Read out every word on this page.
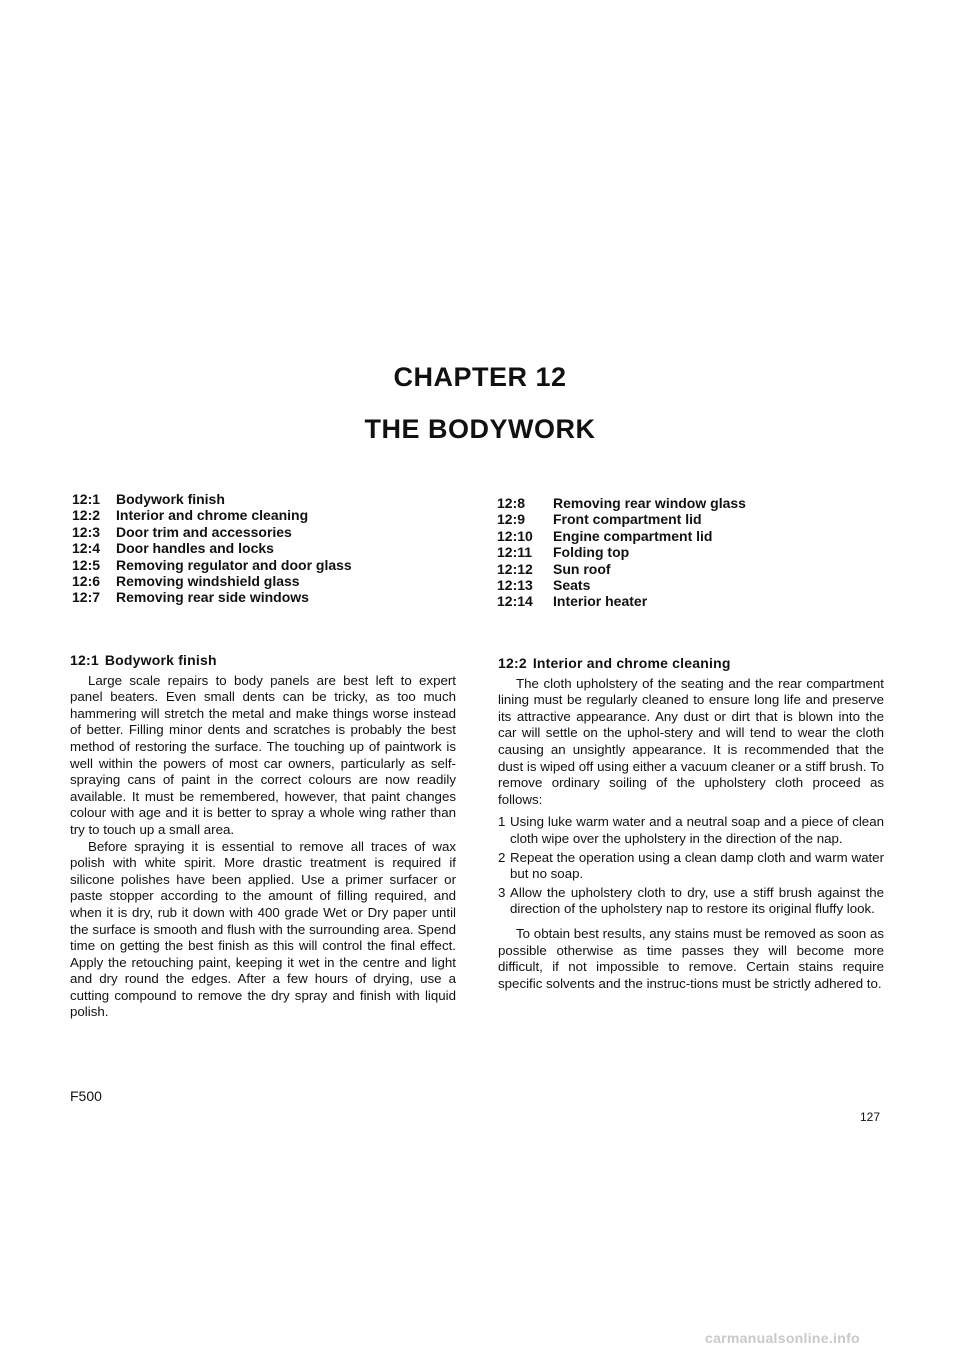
CHAPTER 12
THE BODYWORK
12:1 Bodywork finish
12:2 Interior and chrome cleaning
12:3 Door trim and accessories
12:4 Door handles and locks
12:5 Removing regulator and door glass
12:6 Removing windshield glass
12:7 Removing rear side windows
12:8 Removing rear window glass
12:9 Front compartment lid
12:10 Engine compartment lid
12:11 Folding top
12:12 Sun roof
12:13 Seats
12:14 Interior heater
12:1 Bodywork finish

Large scale repairs to body panels are best left to expert panel beaters. Even small dents can be tricky, as too much hammering will stretch the metal and make things worse instead of better. Filling minor dents and scratches is probably the best method of restoring the surface. The touching up of paintwork is well within the powers of most car owners, particularly as self-spraying cans of paint in the correct colours are now readily available. It must be remembered, however, that paint changes colour with age and it is better to spray a whole wing rather than try to touch up a small area.

Before spraying it is essential to remove all traces of wax polish with white spirit. More drastic treatment is required if silicone polishes have been applied. Use a primer surfacer or paste stopper according to the amount of filling required, and when it is dry, rub it down with 400 grade Wet or Dry paper until the surface is smooth and flush with the surrounding area. Spend time on getting the best finish as this will control the final effect. Apply the retouching paint, keeping it wet in the centre and light and dry round the edges. After a few hours of drying, use a cutting compound to remove the dry spray and finish with liquid polish.

12:2 Interior and chrome cleaning

The cloth upholstery of the seating and the rear compartment lining must be regularly cleaned to ensure long life and preserve its attractive appearance. Any dust or dirt that is blown into the car will settle on the uphol-stery and will tend to wear the cloth causing an unsightly appearance. It is recommended that the dust is wiped off using either a vacuum cleaner or a stiff brush. To remove ordinary soiling of the upholstery cloth proceed as follows:

1 Using luke warm water and a neutral soap and a piece of clean cloth wipe over the upholstery in the direction of the nap.
2 Repeat the operation using a clean damp cloth and warm water but no soap.
3 Allow the upholstery cloth to dry, use a stiff brush against the direction of the upholstery nap to restore its original fluffy look.

To obtain best results, any stains must be removed as soon as possible otherwise as time passes they will become more difficult, if not impossible to remove. Certain stains require specific solvents and the instruc-tions must be strictly adhered to.

F500
127
carmanualsonline.info
